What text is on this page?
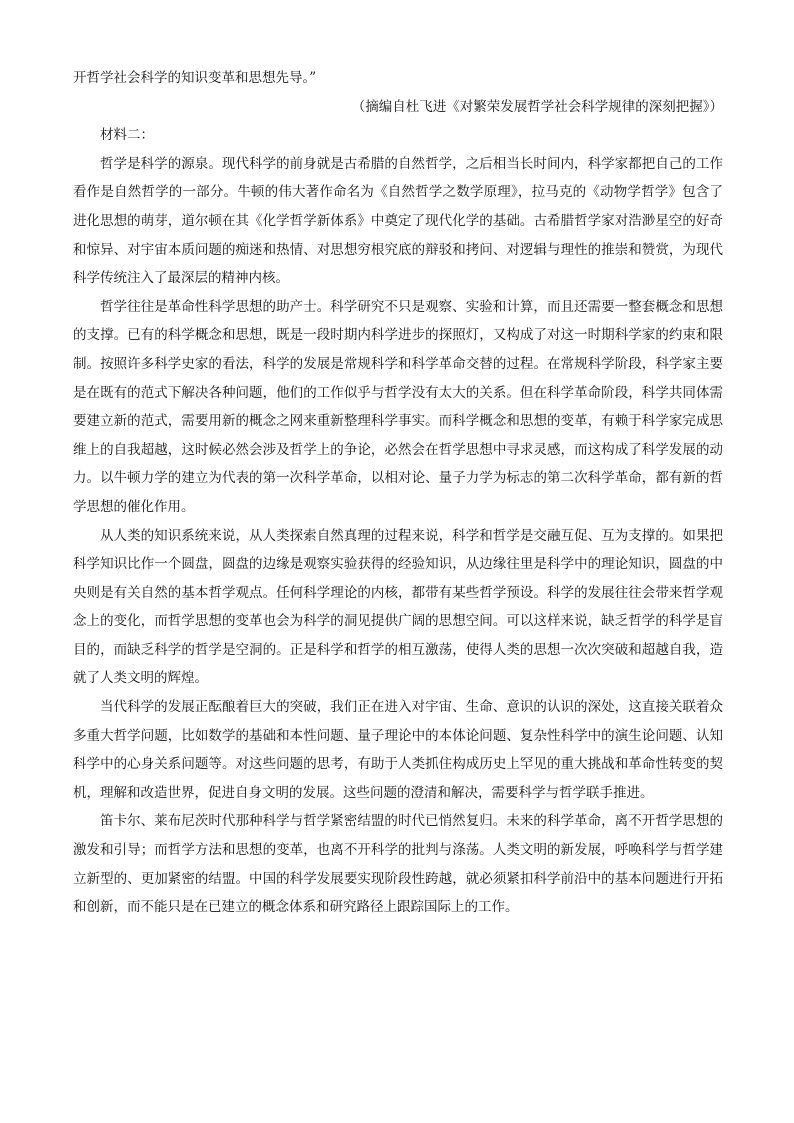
开哲学社会科学的知识变革和思想先导。”

（摘编自杜飞进《对繁荣发展哲学社会科学规律的深刻把握》）

材料二：

哲学是科学的源泉。现代科学的前身就是古希腊的自然哲学，之后相当长时间内，科学家都把自己的工作看作是自然哲学的一部分。牛顿的伟大著作命名为《自然哲学之数学原理》，拉马克的《动物学哲学》包含了进化思想的萌芽，道尔顿在其《化学哲学新体系》中奠定了现代化学的基础。古希腊哲学家对浩渺星空的好奇和惊异、对宇宙本质问题的痴迷和热情、对思想穷根究底的辩驳和拷问、对逻辑与理性的推崇和赞赏，为现代科学传统注入了最深层的精神内核。

哲学往往是革命性科学思想的助产士。科学研究不只是观察、实验和计算，而且还需要一整套概念和思想的支撑。已有的科学概念和思想，既是一段时期内科学进步的探照灯，又构成了对这一时期科学家的约束和限制。按照许多科学史家的看法，科学的发展是常规科学和科学革命交替的过程。在常规科学阶段，科学家主要是在既有的范式下解决各种问题，他们的工作似乎与哲学没有太大的关系。但在科学革命阶段，科学共同体需要建立新的范式，需要用新的概念之网来重新整理科学事实。而科学概念和思想的变革，有赖于科学家完成思维上的自我超越，这时候必然会涉及哲学上的争论，必然会在哲学思想中寻求灵感，而这构成了科学发展的动力。以牛顿力学的建立为代表的第一次科学革命，以相对论、量子力学为标志的第二次科学革命，都有新的哲学思想的催化作用。

从人类的知识系统来说，从人类探索自然真理的过程来说，科学和哲学是交融互促、互为支撑的。如果把科学知识比作一个圆盘，圆盘的边缘是观察实验获得的经验知识，从边缘往里是科学中的理论知识，圆盘的中央则是有关自然的基本哲学观点。任何科学理论的内核，都带有某些哲学预设。科学的发展往往会带来哲学观念上的变化，而哲学思想的变革也会为科学的洞见提供广阔的思想空间。可以这样来说，缺乏哲学的科学是盲目的，而缺乏科学的哲学是空洞的。正是科学和哲学的相互激荡，使得人类的思想一次次突破和超越自我，造就了人类文明的辉煌。

当代科学的发展正酝酿着巨大的突破，我们正在进入对宇宙、生命、意识的认识的深处，这直接关联着众多重大哲学问题，比如数学的基础和本性问题、量子理论中的本体论问题、复杂性科学中的演生论问题、认知科学中的心身关系问题等。对这些问题的思考，有助于人类抓住构成历史上罕见的重大挑战和革命性转变的契机，理解和改造世界，促进自身文明的发展。这些问题的澄清和解决，需要科学与哲学联手推进。

笛卡尔、莱布尼茨时代那种科学与哲学紧密结盟的时代已悄然复归。未来的科学革命，离不开哲学思想的激发和引导；而哲学方法和思想的变革，也离不开科学的批判与涤荡。人类文明的新发展，呼唤科学与哲学建立新型的、更加紧密的结盟。中国的科学发展要实现阶段性跨越，就必须紧扣科学前沿中的基本问题进行开拓和创新，而不能只是在已建立的概念体系和研究路径上跟踪国际上的工作。
